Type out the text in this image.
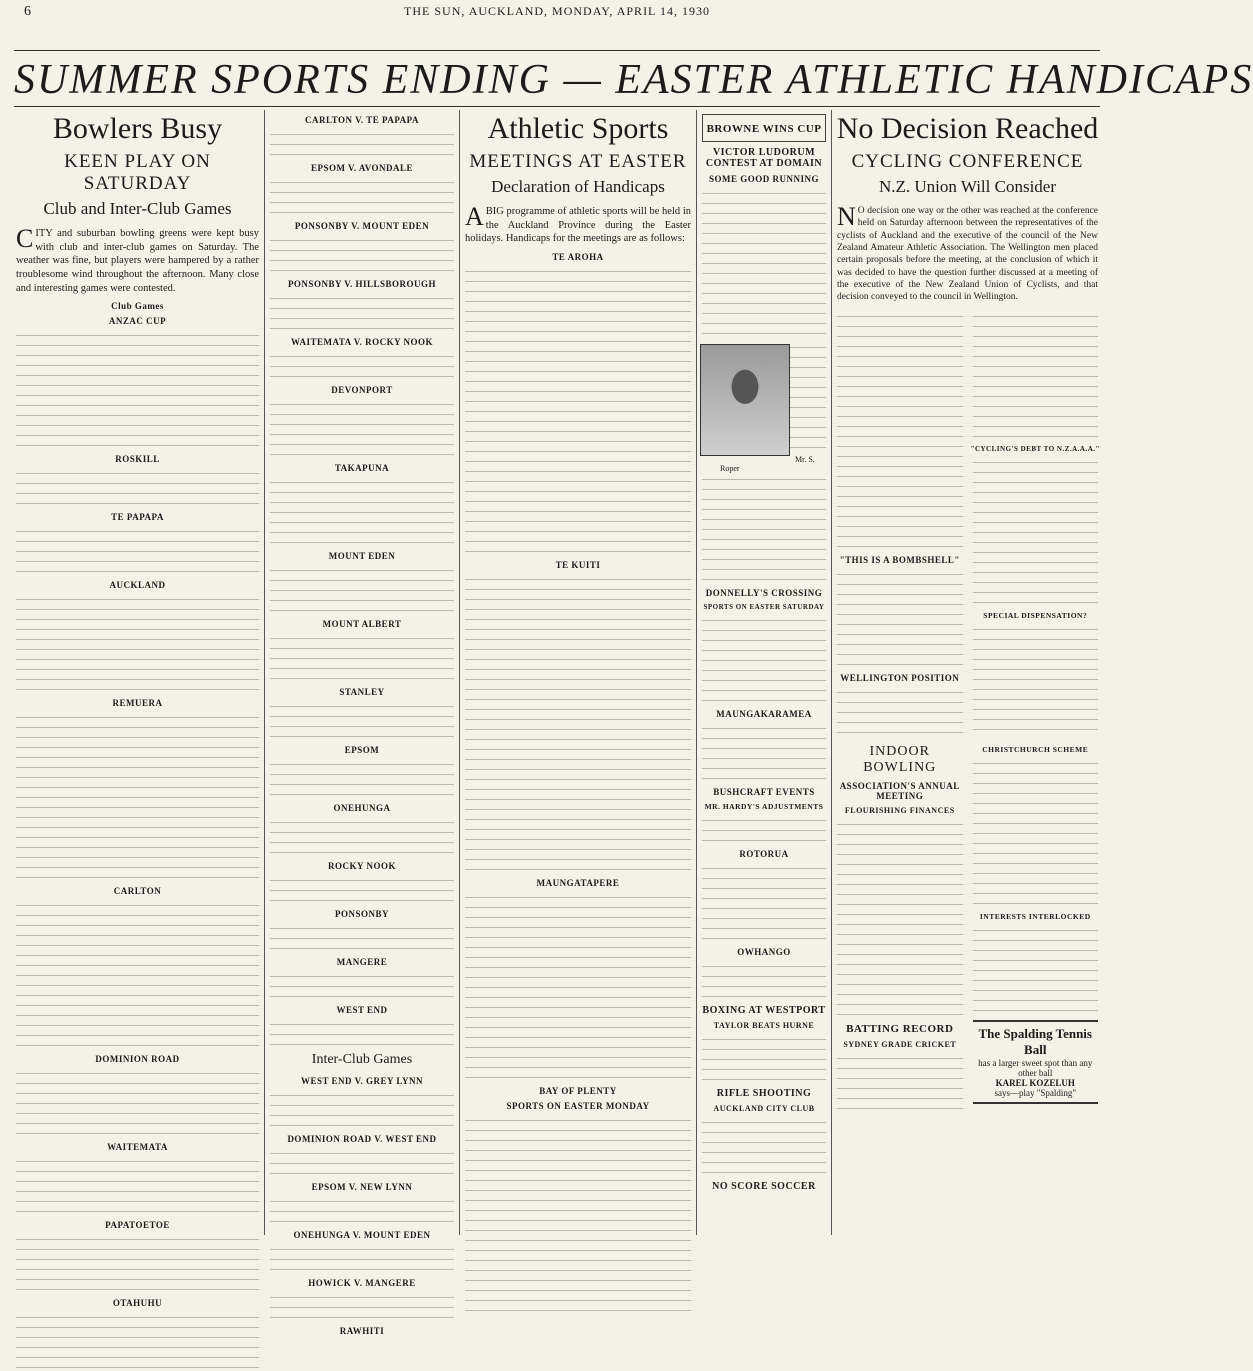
6	THE SUN, AUCKLAND, MONDAY, APRIL 14, 1930
SUMMER SPORTS ENDING — EASTER ATHLETIC HANDICAPS
Bowlers Busy
KEEN PLAY ON SATURDAY
Club and Inter-Club Games

CITY and suburban bowling greens were kept busy with club and inter-club games on Saturday. The weather was fine, but players were hampered by a rather troublesome wind throughout the afternoon. Many close and interesting games were contested.

Club Games
ANZAC CUP
ROSKILL
TE PAPAPA
AUCKLAND
REMUERA
CARLTON
DOMINION ROAD
WAITEMATA
PAPATOETOE
OTAHUHU
CARLTON V. TE PAPAPA
EPSOM V. AVONDALE
PONSONBY V. MOUNT EDEN
PONSONBY V. HILLSBOROUGH
WAITEMATA V. ROCKY NOOK
DEVONPORT
TAKAPUNA
MOUNT EDEN
MOUNT ALBERT
STANLEY
EPSOM
ONEHUNGA
ROCKY NOOK
PONSONBY
MANGERE
WEST END
Inter-Club Games
WEST END V. GREY LYNN
DOMINION ROAD V. WEST END
EPSOM V. NEW LYNN
ONEHUNGA V. MOUNT EDEN
HOWICK V. MANGERE
RAWHITI
Athletic Sports
MEETINGS AT EASTER
Declaration of Handicaps

ABIG programme of athletic sports will be held in the Auckland Province during the Easter holidays. Handicaps for the meetings are as follows:

TE AROHA
TE KUITI
MAUNGATAPERE
BAY OF PLENTY
SPORTS ON EASTER MONDAY
BROWNE WINS CUP
VICTOR LUDORUM CONTEST AT DOMAIN
SOME GOOD RUNNING
Mr. S. Roper
DONNELLY'S CROSSING
SPORTS ON EASTER SATURDAY
MAUNGAKARAMEA
BUSHCRAFT EVENTS
MR. HARDY'S ADJUSTMENTS
ROTORUA
OWHANGO
BOXING AT WESTPORT
TAYLOR BEATS HURNE
RIFLE SHOOTING
AUCKLAND CITY CLUB
NO SCORE SOCCER
No Decision Reached
CYCLING CONFERENCE
N.Z. Union Will Consider

NO decision one way or the other was reached at the conference held on Saturday afternoon between the representatives of the cyclists of Auckland and the executive of the council of the New Zealand Amateur Athletic Association. The Wellington men placed certain proposals before the meeting, at the conclusion of which it was decided to have the question further discussed at a meeting of the executive of the New Zealand Union of Cyclists, and that decision conveyed to the council in Wellington.

"THIS IS A BOMBSHELL"
WELLINGTON POSITION
"CYCLING'S DEBT TO N.Z.A.A.A."
SPECIAL DISPENSATION?
INDOOR BOWLING
ASSOCIATION'S ANNUAL MEETING
FLOURISHING FINANCES
BATTING RECORD
SYDNEY GRADE CRICKET
CHRISTCHURCH SCHEME
INTERESTS INTERLOCKED
The Spalding Tennis Ball
has a larger sweet spot than any other ball
KAREL KOZELUH
says—play "Spalding"
